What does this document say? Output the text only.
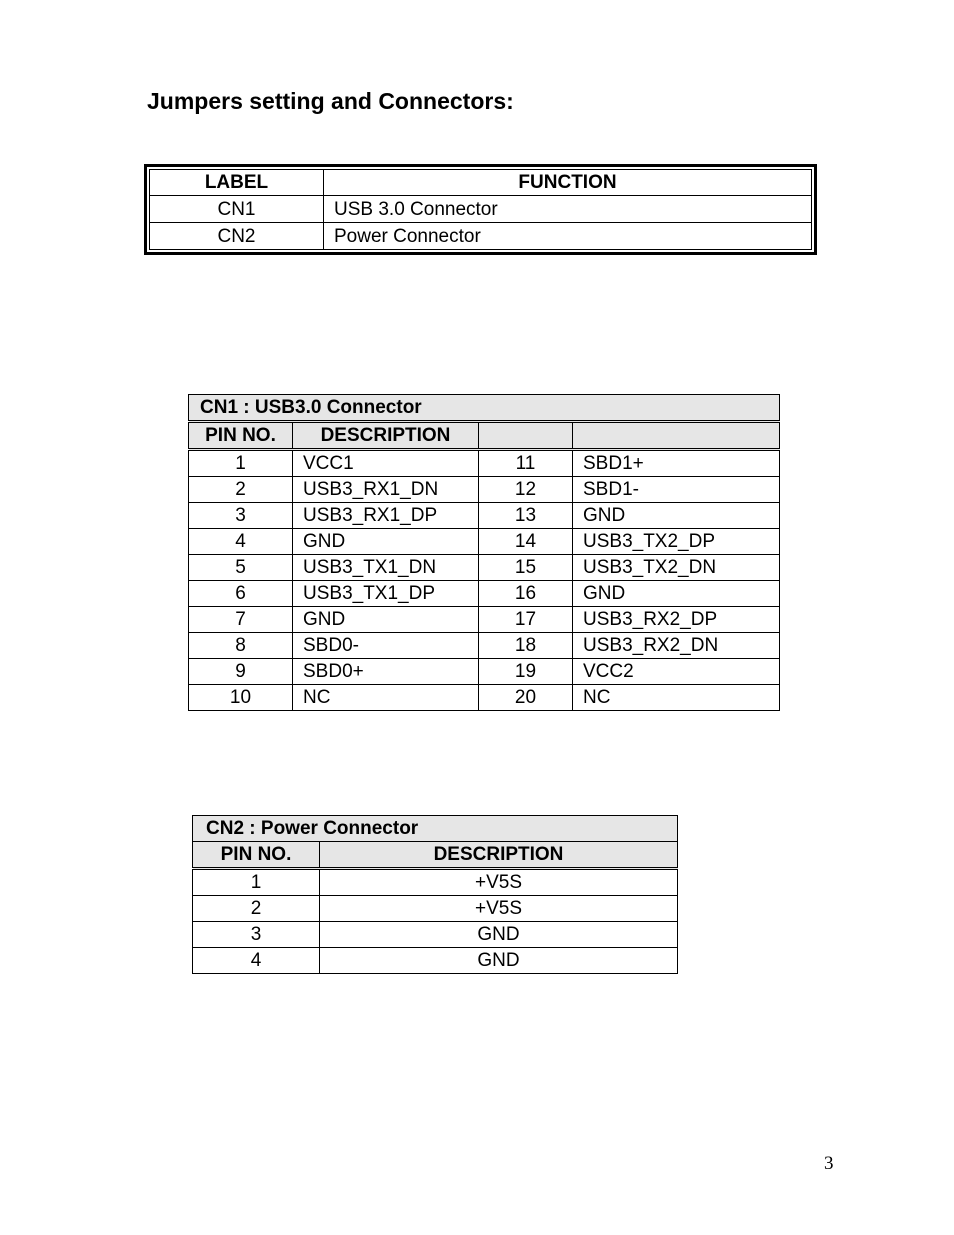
Jumpers setting and Connectors:
LABEL	FUNCTION
CN1	USB 3.0 Connector
CN2	Power Connector
CN1 : USB3.0 Connector			
PIN NO.	DESCRIPTION		
1	VCC1	11	SBD1+
2	USB3_RX1_DN	12	SBD1-
3	USB3_RX1_DP	13	GND
4	GND	14	USB3_TX2_DP
5	USB3_TX1_DN	15	USB3_TX2_DN
6	USB3_TX1_DP	16	GND
7	GND	17	USB3_RX2_DP
8	SBD0-	18	USB3_RX2_DN
9	SBD0+	19	VCC2
10	NC	20	NC
CN2 : Power Connector	
PIN NO.	DESCRIPTION
1	+V5S
2	+V5S
3	GND
4	GND
3
